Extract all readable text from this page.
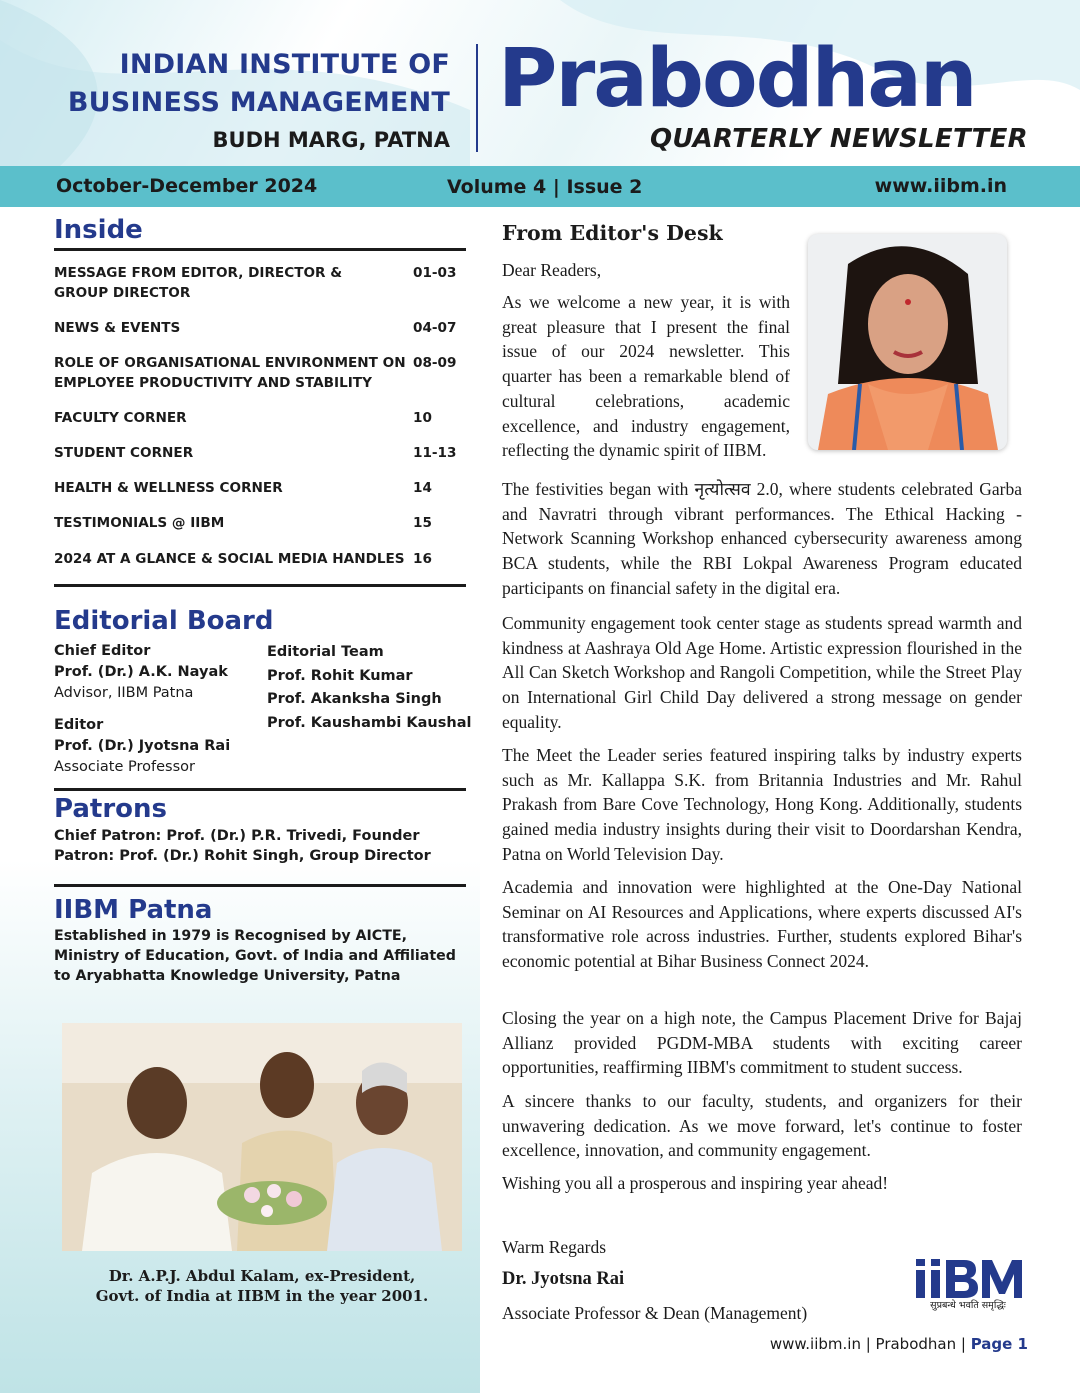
INDIAN INSTITUTE OF
BUSINESS MANAGEMENT
BUDH MARG, PATNA
Prabodhan
QUARTERLY NEWSLETTER
October-December 2024	Volume 4 | Issue 2	www.iibm.in
Inside
MESSAGE FROM EDITOR, DIRECTOR &
GROUP DIRECTOR
01-03
NEWS & EVENTS	04-07
ROLE OF ORGANISATIONAL ENVIRONMENT ON
EMPLOYEE PRODUCTIVITY AND STABILITY
08-09
FACULTY CORNER	10
STUDENT CORNER	11-13
HEALTH & WELLNESS CORNER	14
TESTIMONIALS @ IIBM	15
2024 AT A GLANCE & SOCIAL MEDIA HANDLES 16
Editorial Board
Chief Editor
Prof. (Dr.) A.K. Nayak
Advisor, IIBM Patna
Editor
Prof. (Dr.) Jyotsna Rai
Associate Professor
Editorial Team
Prof. Rohit Kumar
Prof. Akanksha Singh
Prof. Kaushambi Kaushal
Patrons
Chief Patron: Prof. (Dr.) P.R. Trivedi, Founder
Patron: Prof. (Dr.) Rohit Singh, Group Director
IIBM Patna
Established in 1979 is Recognised by AICTE, Ministry of Education, Govt. of India and Affiliated to Aryabhatta Knowledge University, Patna
Dr. A.P.J. Abdul Kalam, ex-President,
Govt. of India at IIBM in the year 2001.
From Editor's Desk
Dear Readers,
As we welcome a new year, it is with great pleasure that I present the final issue of our 2024 newsletter. This quarter has been a remarkable blend of cultural celebrations, academic excellence, and industry engagement, reflecting the dynamic spirit of IIBM.
The festivities began with नृत्योत्सव 2.0, where students celebrated Garba and Navratri through vibrant performances. The Ethical Hacking - Network Scanning Workshop enhanced cybersecurity awareness among BCA students, while the RBI Lokpal Awareness Program educated participants on financial safety in the digital era.
Community engagement took center stage as students spread warmth and kindness at Aashraya Old Age Home. Artistic expression flourished in the All Can Sketch Workshop and Rangoli Competition, while the Street Play on International Girl Child Day delivered a strong message on gender equality.
The Meet the Leader series featured inspiring talks by industry experts such as Mr. Kallappa S.K. from Britannia Industries and Mr. Rahul Prakash from Bare Cove Technology, Hong Kong. Additionally, students gained media industry insights during their visit to Doordarshan Kendra, Patna on World Television Day.
Academia and innovation were highlighted at the One-Day National Seminar on AI Resources and Applications, where experts discussed AI's transformative role across industries. Further, students explored Bihar's economic potential at Bihar Business Connect 2024.
Closing the year on a high note, the Campus Placement Drive for Bajaj Allianz provided PGDM-MBA students with exciting career opportunities, reaffirming IIBM's commitment to student success.
A sincere thanks to our faculty, students, and organizers for their unwavering dedication. As we move forward, let's continue to foster excellence, innovation, and community engagement.
Wishing you all a prosperous and inspiring year ahead!
Warm Regards
Dr. Jyotsna Rai
Associate Professor & Dean (Management)	सुप्रबन्धे भवति समृद्धिः
www.iibm.in | Prabodhan | Page 1
